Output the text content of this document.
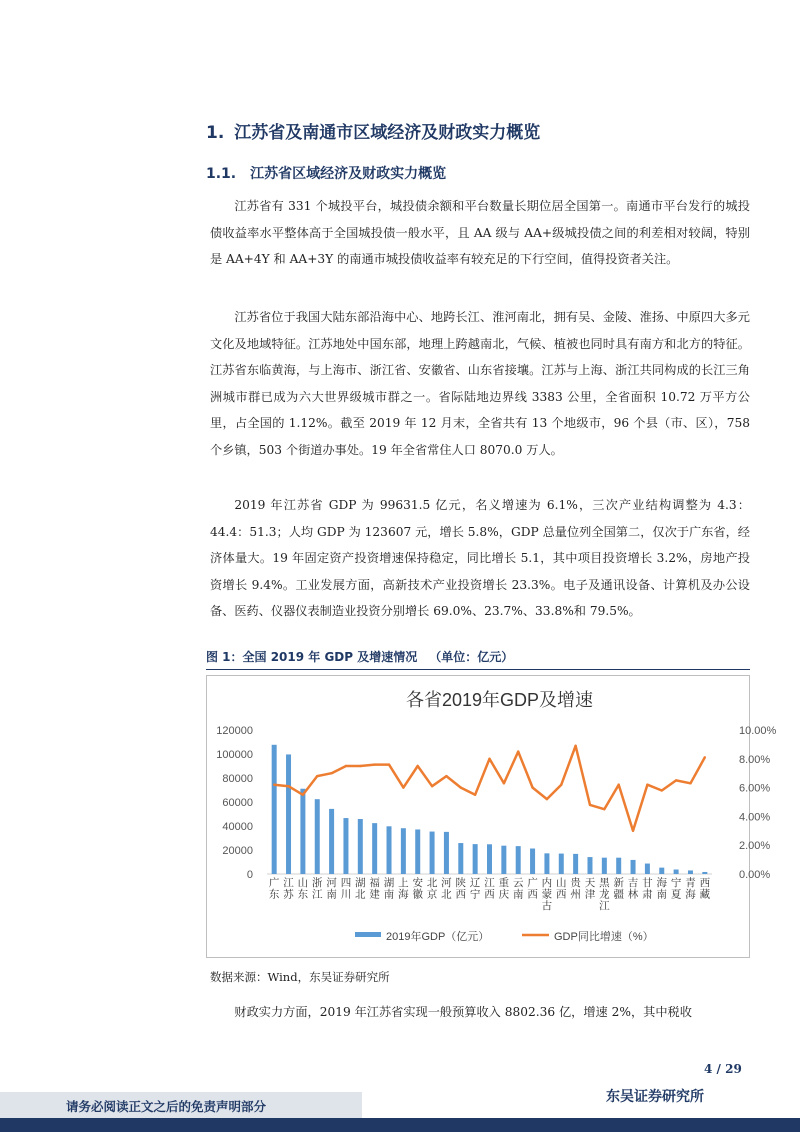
1. 江苏省及南通市区域经济及财政实力概览
1.1. 江苏省区域经济及财政实力概览

江苏省有 331 个城投平台，城投债余额和平台数量长期位居全国第一。南通市平台发行的城投债收益率水平整体高于全国城投债一般水平，且 AA 级与 AA+级城投债之间的利差相对较阔，特别是 AA+4Y 和 AA+3Y 的南通市城投债收益率有较充足的下行空间，值得投资者关注。

江苏省位于我国大陆东部沿海中心、地跨长江、淮河南北，拥有吴、金陵、淮扬、中原四大多元文化及地域特征。江苏地处中国东部，地理上跨越南北，气候、植被也同时具有南方和北方的特征。江苏省东临黄海，与上海市、浙江省、安徽省、山东省接壤。江苏与上海、浙江共同构成的长江三角洲城市群已成为六大世界级城市群之一。省际陆地边界线 3383 公里，全省面积 10.72 万平方公里，占全国的 1.12%。截至 2019 年 12 月末，全省共有 13 个地级市，96 个县（市、区），758 个乡镇，503 个街道办事处。19 年全省常住人口 8070.0 万人。

2019 年江苏省 GDP 为 99631.5 亿元，名义增速为 6.1%，三次产业结构调整为 4.3：44.4：51.3；人均 GDP 为 123607 元，增长 5.8%，GDP 总量位列全国第二，仅次于广东省，经济体量大。19 年固定资产投资增速保持稳定，同比增长 5.1，其中项目投资增长 3.2%，房地产投资增长 9.4%。工业发展方面，高新技术产业投资增长 23.3%。电子及通讯设备、计算机及办公设备、医药、仪器仪表制造业投资分别增长 69.0%、23.7%、33.8%和 79.5%。

图 1：全国 2019 年 GDP 及增速情况 （单位：亿元）
各省2019年GDP及增速
0
20000
40000
60000
80000
100000
120000
0.00%
2.00%
4.00%
6.00%
8.00%
10.00%
广东
江苏
山东
浙江
河南
四川
湖北
福建
湖南
上海
安徽
北京
河北
陕西
辽宁
江西
重庆
云南
广西
内蒙古
山西
贵州
天津
黑龙江
新疆
吉林
甘肃
海南
宁夏
青海
西藏
2019年GDP（亿元）	GDP同比增速（%）
数据来源：Wind，东吴证券研究所

财政实力方面，2019 年江苏省实现一般预算收入 8802.36 亿，增速 2%，其中税收

4 / 29
请务必阅读正文之后的免责声明部分
东吴证券研究所
